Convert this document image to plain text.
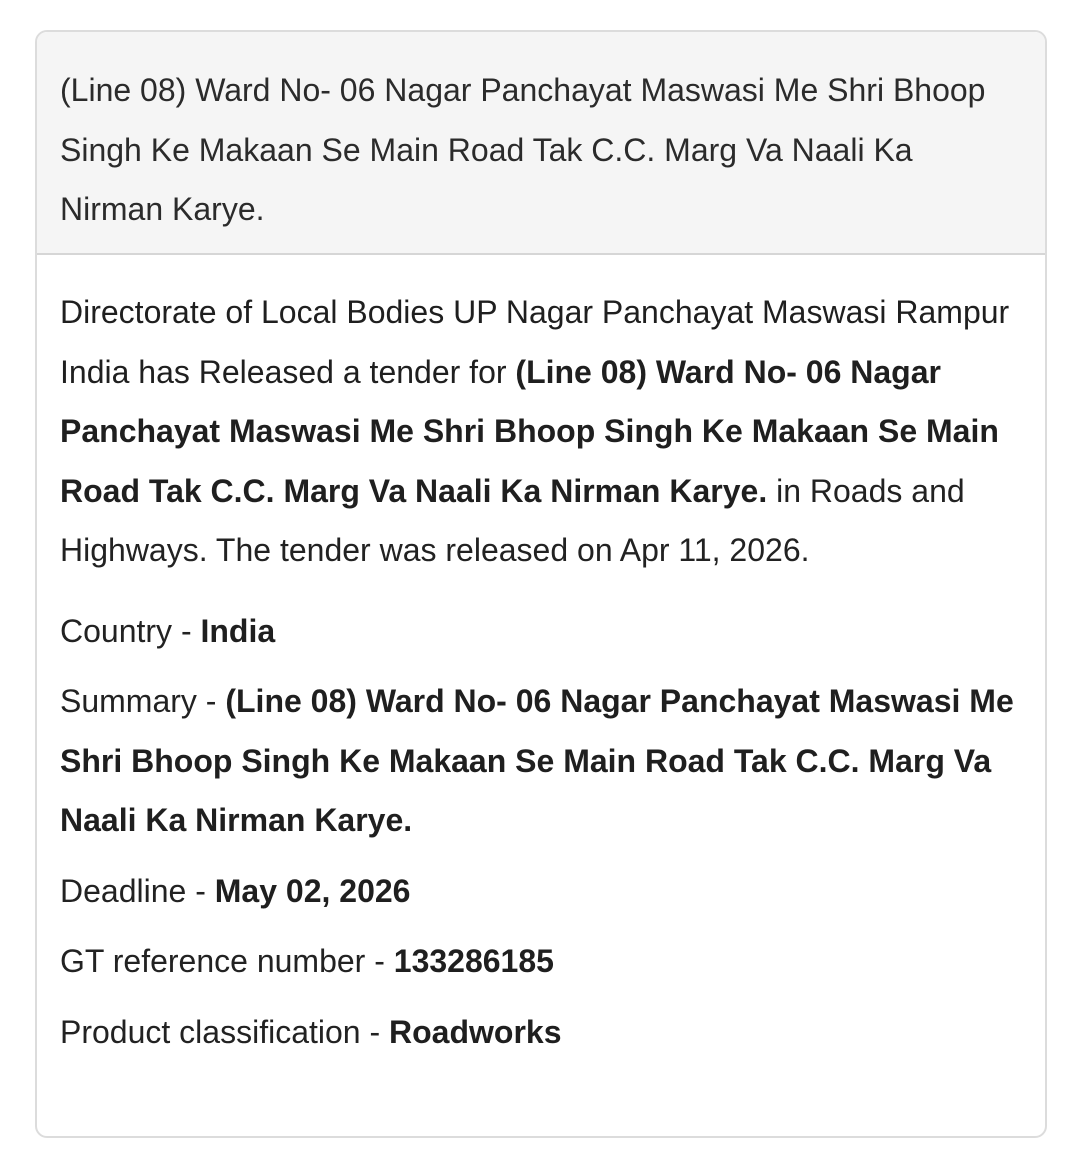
(Line 08) Ward No- 06 Nagar Panchayat Maswasi Me Shri Bhoop Singh Ke Makaan Se Main Road Tak C.C. Marg Va Naali Ka Nirman Karye.

Directorate of Local Bodies UP Nagar Panchayat Maswasi Rampur India has Released a tender for (Line 08) Ward No- 06 Nagar Panchayat Maswasi Me Shri Bhoop Singh Ke Makaan Se Main Road Tak C.C. Marg Va Naali Ka Nirman Karye. in Roads and Highways. The tender was released on Apr 11, 2026.

Country - India
Summary - (Line 08) Ward No- 06 Nagar Panchayat Maswasi Me Shri Bhoop Singh Ke Makaan Se Main Road Tak C.C. Marg Va Naali Ka Nirman Karye.
Deadline - May 02, 2026
GT reference number - 133286185
Product classification - Roadworks
